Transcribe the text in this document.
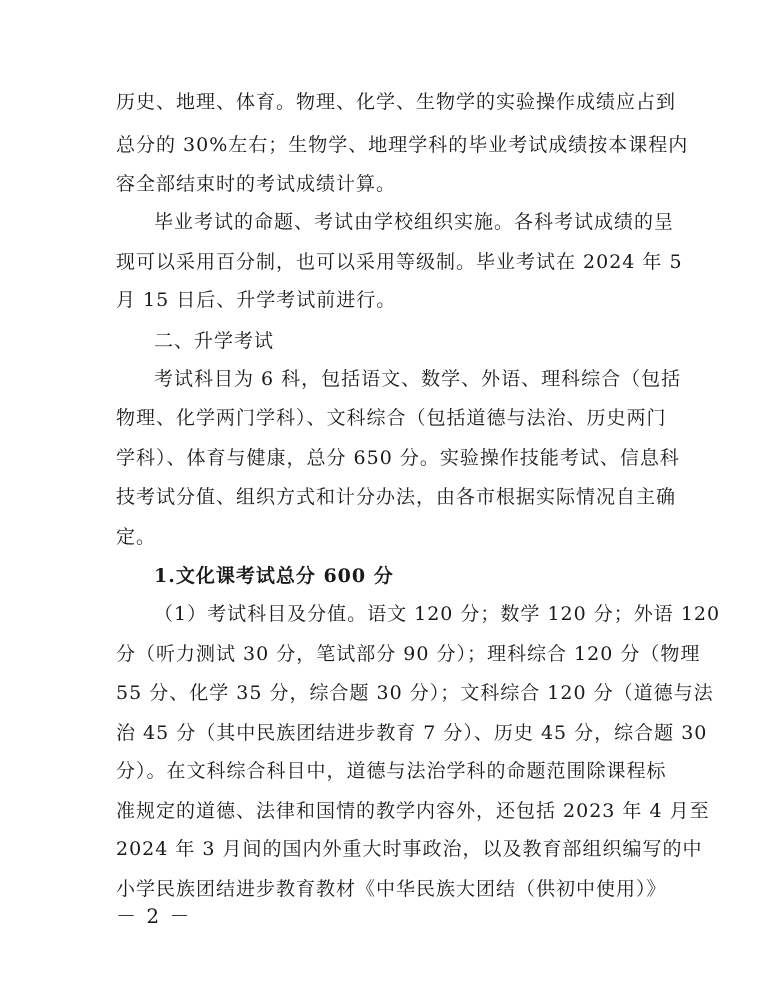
历史、地理、体育。物理、化学、生物学的实验操作成绩应占到
总分的 30%左右；生物学、地理学科的毕业考试成绩按本课程内
容全部结束时的考试成绩计算。
毕业考试的命题、考试由学校组织实施。各科考试成绩的呈
现可以采用百分制，也可以采用等级制。毕业考试在 2024 年 5
月 15 日后、升学考试前进行。
二、升学考试
考试科目为 6 科，包括语文、数学、外语、理科综合（包括
物理、化学两门学科）、文科综合（包括道德与法治、历史两门
学科）、体育与健康，总分 650 分。实验操作技能考试、信息科
技考试分值、组织方式和计分办法，由各市根据实际情况自主确
定。
1.文化课考试总分 600 分
（1）考试科目及分值。语文 120 分；数学 120 分；外语 120
分（听力测试 30 分，笔试部分 90 分）；理科综合 120 分（物理
55 分、化学 35 分，综合题 30 分）；文科综合 120 分（道德与法
治 45 分（其中民族团结进步教育 7 分）、历史 45 分，综合题 30
分）。在文科综合科目中，道德与法治学科的命题范围除课程标
准规定的道德、法律和国情的教学内容外，还包括 2023 年 4 月至
2024 年 3 月间的国内外重大时事政治，以及教育部组织编写的中
小学民族团结进步教育教材《中华民族大团结（供初中使用）》
－ 2 －
